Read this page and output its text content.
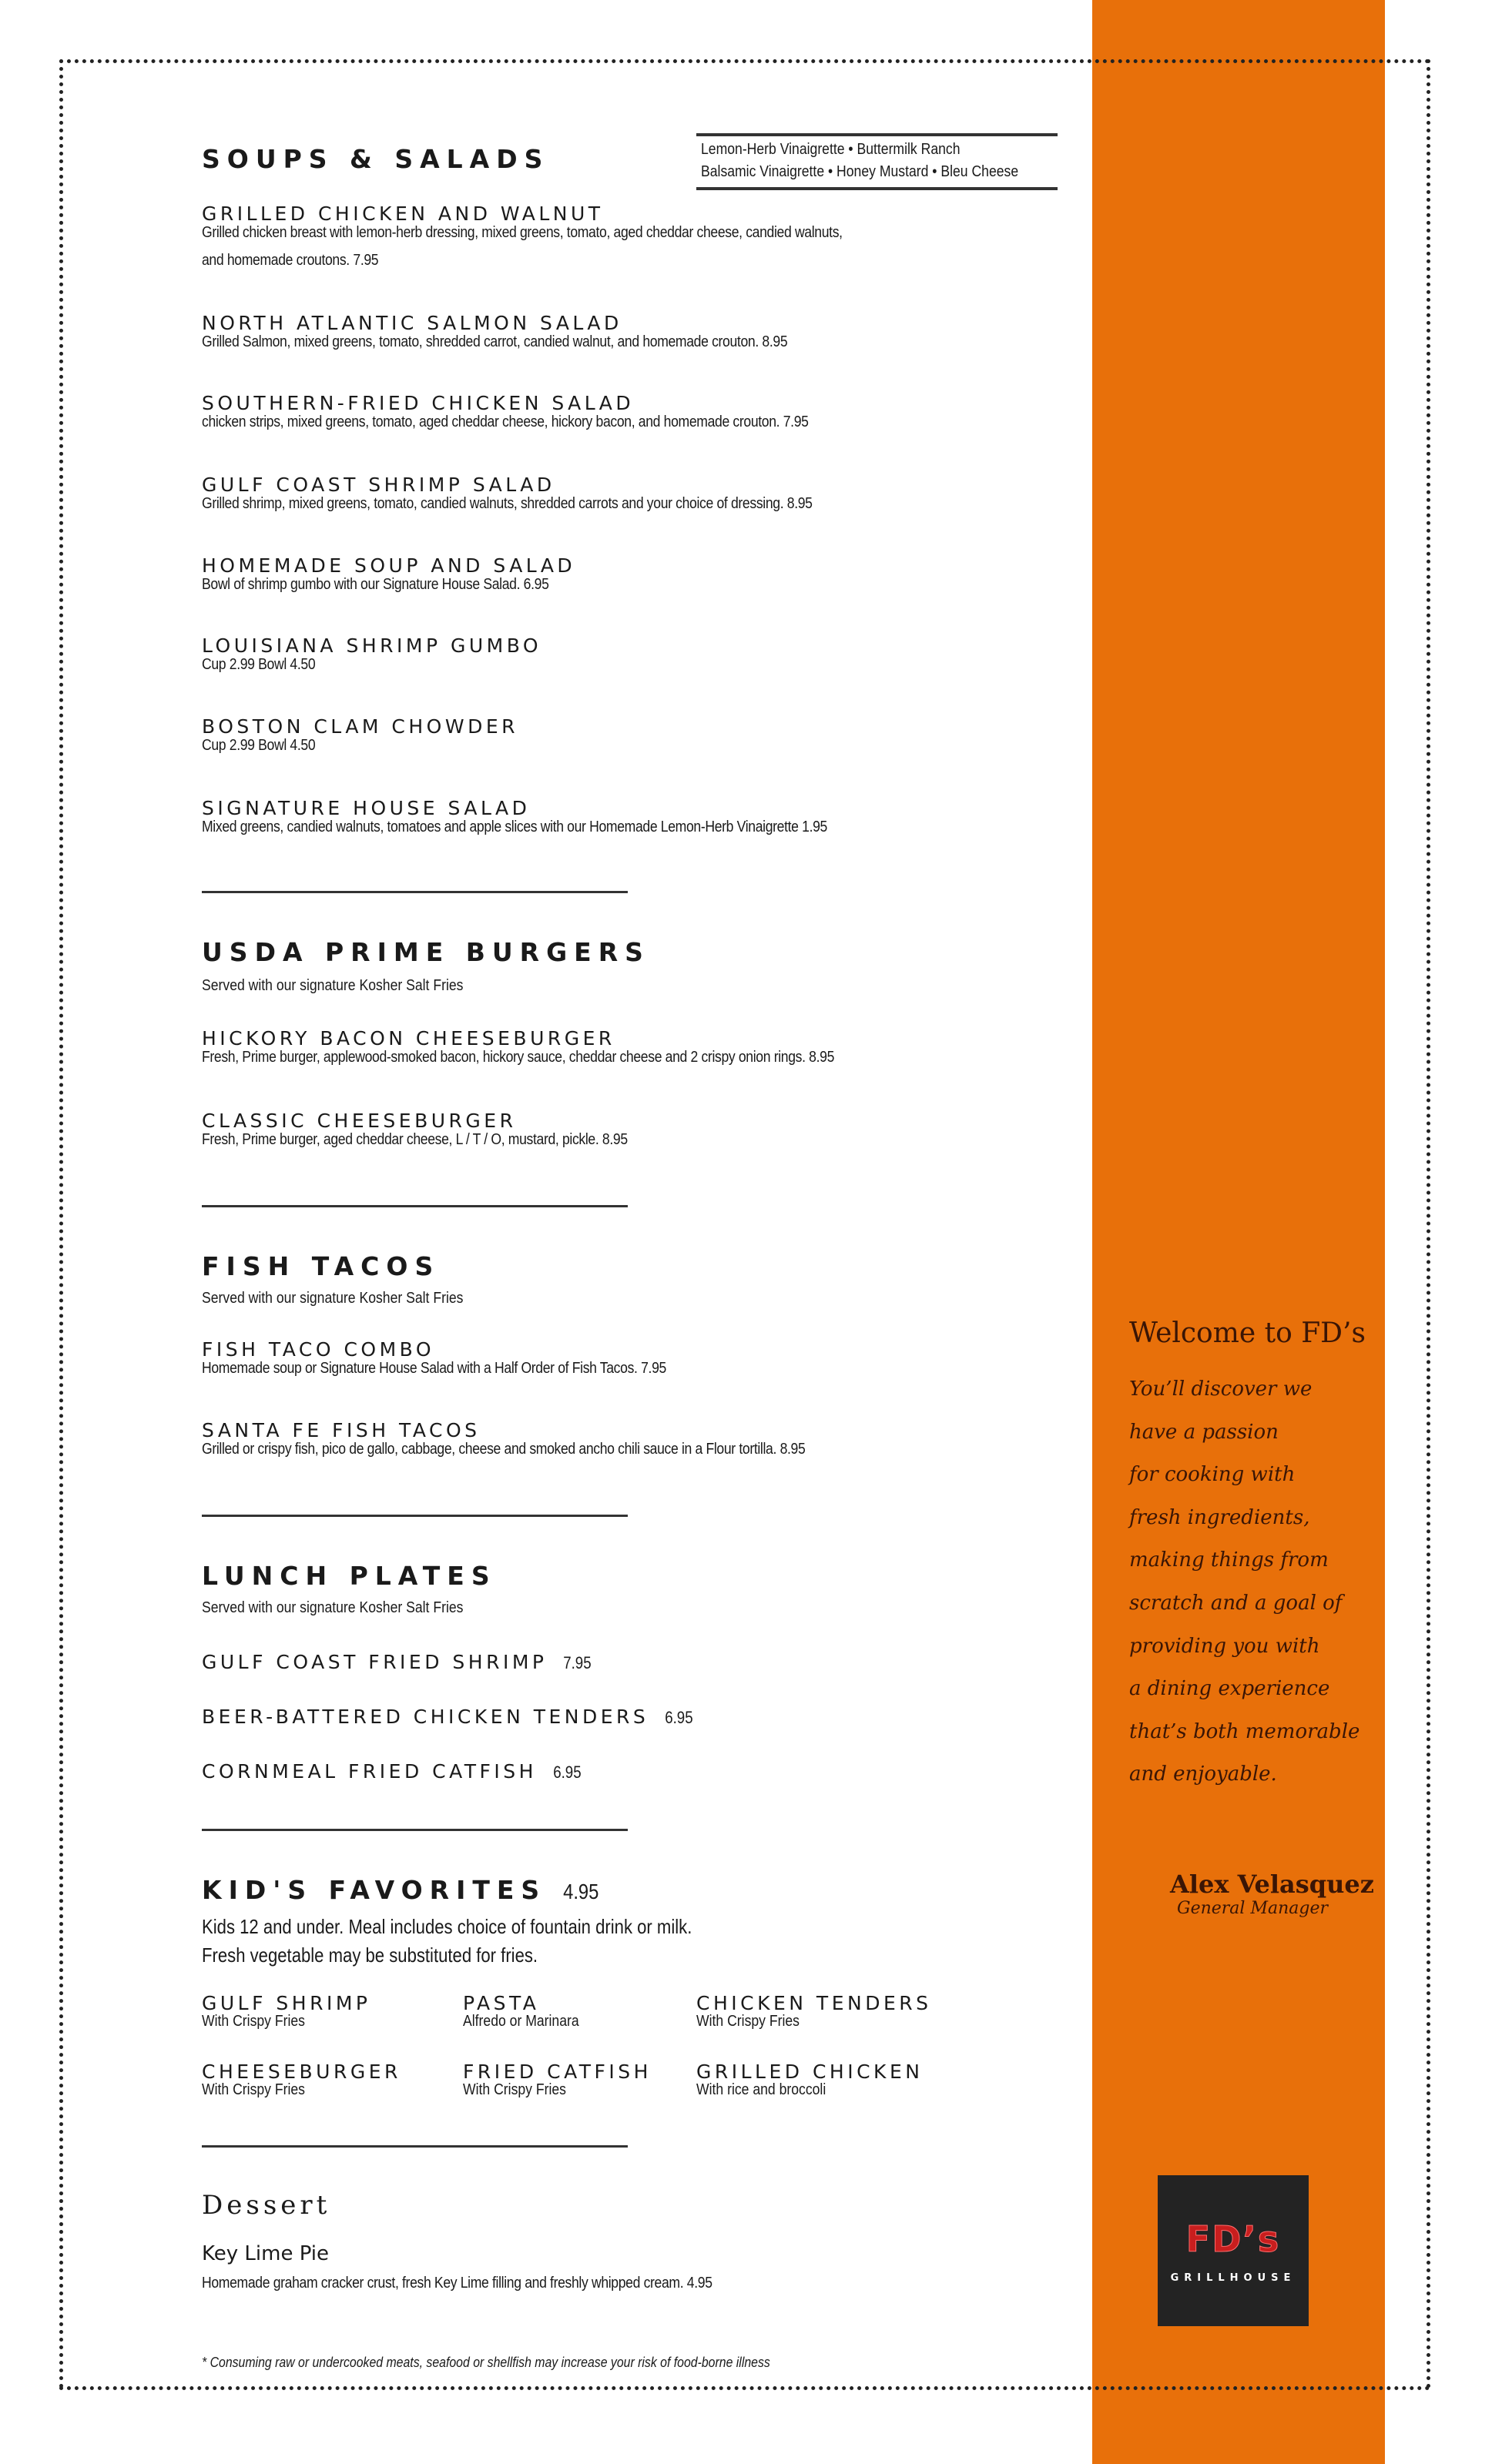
SOUPS & SALADS
GRILLED CHICKEN AND WALNUT
Grilled chicken breast with lemon-herb dressing, mixed greens, tomato, aged cheddar cheese, candied walnuts,
and homemade croutons. 7.95
NORTH ATLANTIC SALMON SALAD
Grilled Salmon, mixed greens, tomato, shredded carrot, candied walnut, and homemade crouton. 8.95
SOUTHERN-FRIED CHICKEN SALAD
chicken strips, mixed greens, tomato, aged cheddar cheese, hickory bacon, and homemade crouton. 7.95
GULF COAST SHRIMP SALAD
Grilled shrimp, mixed greens, tomato, candied walnuts, shredded carrots and your choice of dressing. 8.95
HOMEMADE SOUP AND SALAD
Bowl of shrimp gumbo with our Signature House Salad. 6.95
LOUISIANA SHRIMP GUMBO
Cup 2.99 Bowl 4.50
BOSTON CLAM CHOWDER
Cup 2.99 Bowl 4.50
SIGNATURE HOUSE SALAD
Mixed greens, candied walnuts, tomatoes and apple slices with our Homemade Lemon-Herb Vinaigrette 1.95
USDA PRIME BURGERS
Served with our signature Kosher Salt Fries
HICKORY BACON CHEESEBURGER
Fresh, Prime burger, applewood-smoked bacon, hickory sauce, cheddar cheese and 2 crispy onion rings. 8.95
CLASSIC CHEESEBURGER
Fresh, Prime burger, aged cheddar cheese, L / T / O, mustard, pickle. 8.95
FISH TACOS
Served with our signature Kosher Salt Fries
FISH TACO COMBO
Homemade soup or Signature House Salad with a Half Order of Fish Tacos. 7.95
SANTA FE FISH TACOS
Grilled or crispy fish, pico de gallo, cabbage, cheese and smoked ancho chili sauce in a Flour tortilla. 8.95
LUNCH PLATES
Served with our signature Kosher Salt Fries
GULF COAST FRIED SHRIMP 7.95
BEER-BATTERED CHICKEN TENDERS 6.95
CORNMEAL FRIED CATFISH 6.95
KID'S FAVORITES 4.95
Kids 12 and under. Meal includes choice of fountain drink or milk.
Fresh vegetable may be substituted for fries.
GULF SHRIMP
With Crispy Fries
PASTA
Alfredo or Marinara
CHICKEN TENDERS
With Crispy Fries
CHEESEBURGER
With Crispy Fries
FRIED CATFISH
With Crispy Fries
GRILLED CHICKEN
With rice and broccoli
Dessert
Key Lime Pie
Homemade graham cracker crust, fresh Key Lime filling and freshly whipped cream. 4.95
* Consuming raw or undercooked meats, seafood or shellfish may increase your risk of food-borne illness
Lemon-Herb Vinaigrette • Buttermilk Ranch
Balsamic Vinaigrette • Honey Mustard • Bleu Cheese
Welcome to FD’s
Alex Velasquez
General Manager
You’ll discover we
have a passion
for cooking with
fresh ingredients,
making things from
scratch and a goal of
providing you with
a dining experience
that’s both memorable
and enjoyable.
FD’s
GRILLHOUSE
